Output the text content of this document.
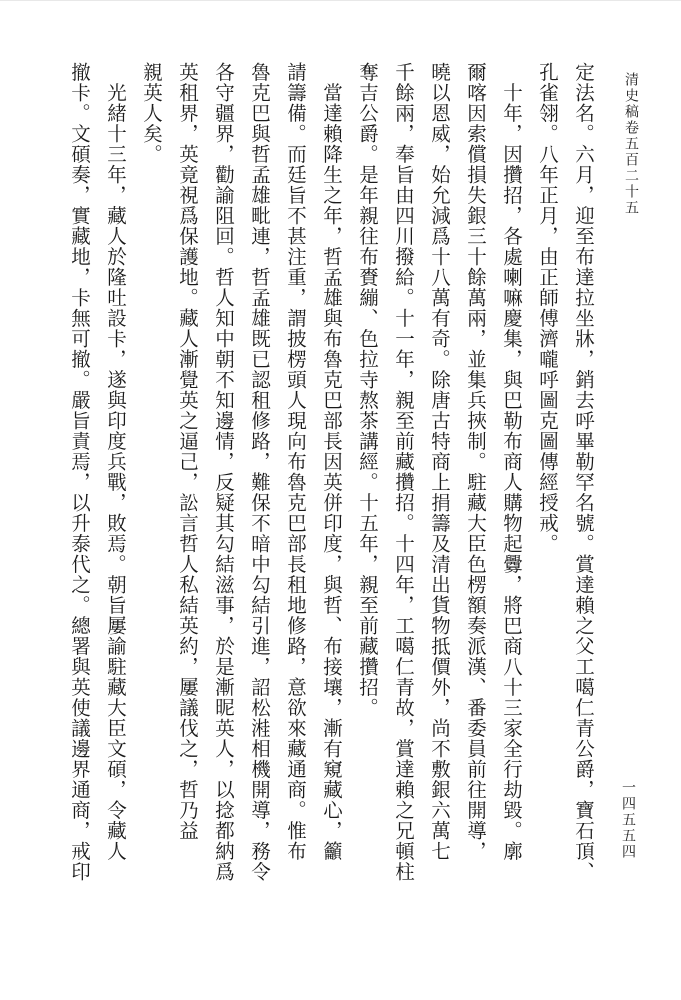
清史稿卷五百二十五
一四五五四
定法名。六月，迎至布達拉坐牀，銷去呼畢勒罕名號。賞達賴之父工噶仁青公爵，寶石頂、
孔雀翎。八年正月，由正師傅濟嚨呼圖克圖傳經授戒。
　十年，因攢招，各處喇嘛慶集，與巴勒布商人購物起釁，將巴商八十三家全行劫毀。廓
爾喀因索償損失銀三十餘萬兩，並集兵挾制。駐藏大臣色楞額奏派漢、番委員前往開導，
曉以恩威，始允減爲十八萬有奇。除唐古特商上捐籌及清出貨物抵價外，尚不敷銀六萬七
千餘兩，奉旨由四川撥給。十一年，親至前藏攢招。十四年，工噶仁青故，賞達賴之兄頓柱
奪吉公爵。是年親往布賚繃、色拉寺熬茶講經。十五年，親至前藏攢招。
　當達賴降生之年，哲孟雄與布魯克巴部長因英併印度，與哲、布接壤，漸有窺藏心，籲
請籌備。而廷旨不甚注重，謂披楞頭人現向布魯克巴部長租地修路，意欲來藏通商。惟布
魯克巴與哲孟雄毗連，哲孟雄既已認租修路，難保不暗中勾結引進，詔松溎相機開導，務令
各守疆界，勸諭阻回。哲人知中朝不知邊情，反疑其勾結滋事，於是漸昵英人，以捻都納爲
英租界，英竟視爲保護地。藏人漸覺英之逼己，訟言哲人私結英約，屢議伐之，哲乃益
親英人矣。
　光緒十三年，藏人於隆吐設卡，遂與印度兵戰，敗焉。朝旨屢諭駐藏大臣文碩，令藏人
撤卡。文碩奏，實藏地，卡無可撤。嚴旨責焉，以升泰代之。總署與英使議邊界通商，戒印
